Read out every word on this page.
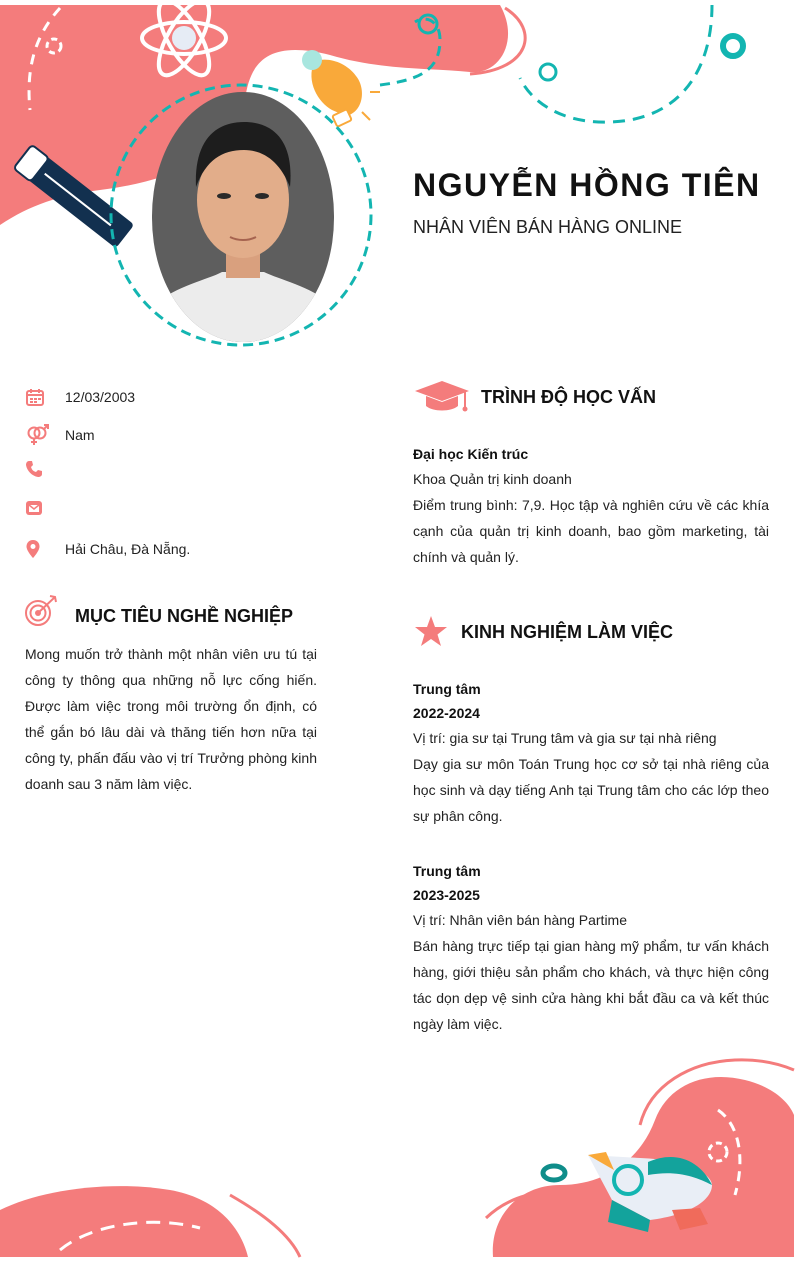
NGUYỄN HỒNG TIÊN
NHÂN VIÊN BÁN HÀNG ONLINE
12/03/2003
Nam
Hải Châu, Đà Nẵng.
MỤC TIÊU NGHỀ NGHIỆP
Mong muốn trở thành một nhân viên ưu tú tại công ty thông qua những nỗ lực cống hiến. Được làm việc trong môi trường ổn định, có thể gắn bó lâu dài và thăng tiến hơn nữa tại công ty, phấn đấu vào vị trí Trưởng phòng kinh doanh sau 3 năm làm việc.
TRÌNH ĐỘ HỌC VẤN
Đại học Kiến trúc
Khoa Quản trị kinh doanh
Điểm trung bình: 7,9. Học tập và nghiên cứu về các khía cạnh của quản trị kinh doanh, bao gồm marketing, tài chính và quản lý.
KINH NGHIỆM LÀM VIỆC
Trung tâm
2022-2024
Vị trí: gia sư tại Trung tâm và gia sư tại nhà riêng
Dạy gia sư môn Toán Trung học cơ sở tại nhà riêng của học sinh và dạy tiếng Anh tại Trung tâm cho các lớp theo sự phân công.
Trung tâm
2023-2025
Vị trí: Nhân viên bán hàng Partime
Bán hàng trực tiếp tại gian hàng mỹ phẩm, tư vấn khách hàng, giới thiệu sản phẩm cho khách, và thực hiện công tác dọn dẹp vệ sinh cửa hàng khi bắt đầu ca và kết thúc ngày làm việc.
